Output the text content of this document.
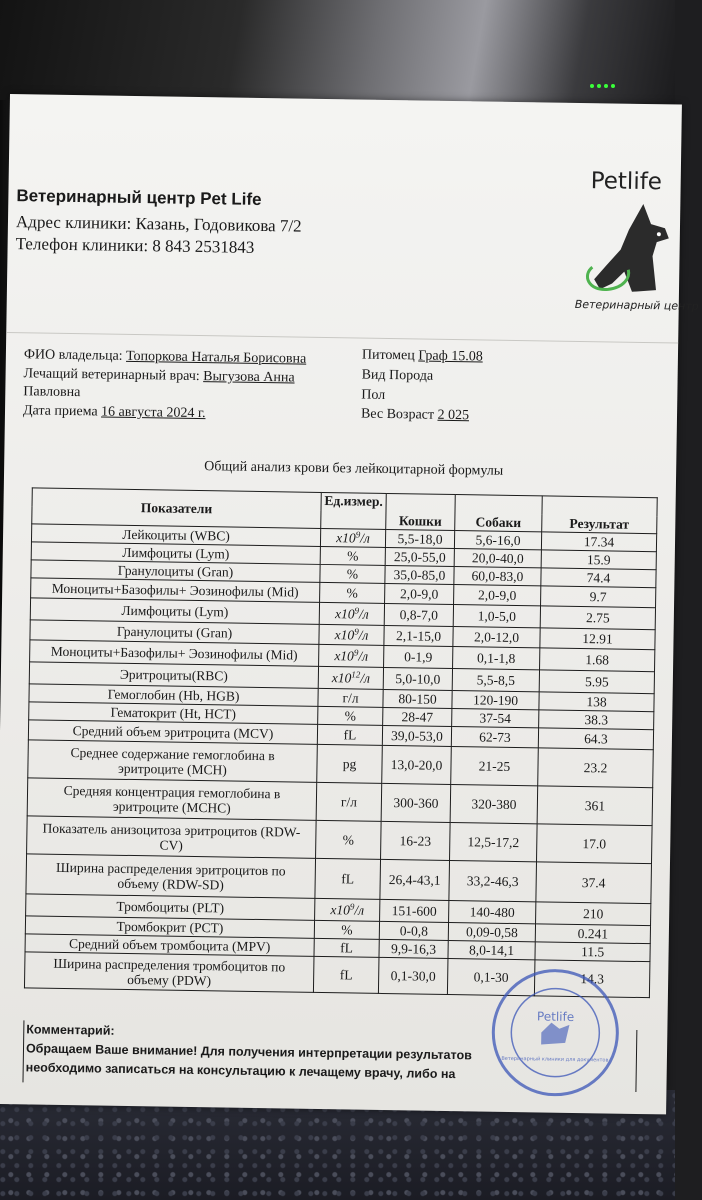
Ветеринарный центр Pet Life
Адрес клиники: Казань, Годовикова 7/2
Телефон клиники: 8 843 2531843
Petlife
Ветеринарный центр
ФИО владельца: Топоркова Наталья Борисовна
Лечащий ветеринарный врач: Выгузова Анна
Павловна
Дата приема 16 августа 2024 г.
Питомец Граф 15.08
Вид Порода
Пол
Вес Возраст 2 025
Общий анализ крови без лейкоцитарной формулы
Показатели	Ед.измер.			
		Кошки	Собаки	Результат
Лейкоциты (WBC)	$x10^9/л$	5,5-18,0	5,6-16,0	17.34
Лимфоциты (Lym)	%	25,0-55,0	20,0-40,0	15.9
Гранулоциты (Gran)	%	35,0-85,0	60,0-83,0	74.4
Моноциты+Базофилы+ Эозинофилы (Mid)	%	2,0-9,0	2,0-9,0	9.7
Лимфоциты (Lym)	$x10^9/л$	0,8-7,0	1,0-5,0	2.75
Гранулоциты (Gran)	$x10^9/л$	2,1-15,0	2,0-12,0	12.91
Моноциты+Базофилы+ Эозинофилы (Mid)	$x10^9/л$	0-1,9	0,1-1,8	1.68
Эритроциты(RBC)	$x10^{12}/л$	5,0-10,0	5,5-8,5	5.95
Гемоглобин (Hb, HGB)	г/л	80-150	120-190	138
Гематокрит (Ht, HCT)	%	28-47	37-54	38.3
Средний объем эритроцита (MCV)	fL	39,0-53,0	62-73	64.3
Среднее содержание гемоглобина в
эритроците (MCH)	pg	13,0-20,0	21-25	23.2
Средняя концентрация гемоглобина в
эритроците (MCHC)	г/л	300-360	320-380	361
Показатель анизоцитоза эритроцитов (RDW-
CV)	%	16-23	12,5-17,2	17.0
Ширина распределения эритроцитов по
объему (RDW-SD)	fL	26,4-43,1	33,2-46,3	37.4
Тромбоциты (PLT)	$x10^9/л$	151-600	140-480	210
Тромбокрит (PCT)	%	0-0,8	0,09-0,58	0.241
Средний объем тромбоцита (MPV)	fL	9,9-16,3	8,0-14,1	11.5
Ширина распределения тромбоцитов по
объему (PDW)	fL	0,1-30,0	0,1-30	14.3
Комментарий:
Обращаем Ваше внимание! Для получения интерпретации результатов
необходимо записаться на консультацию к лечащему врачу, либо на
Petlife
Ветеринарный клиники для документов
